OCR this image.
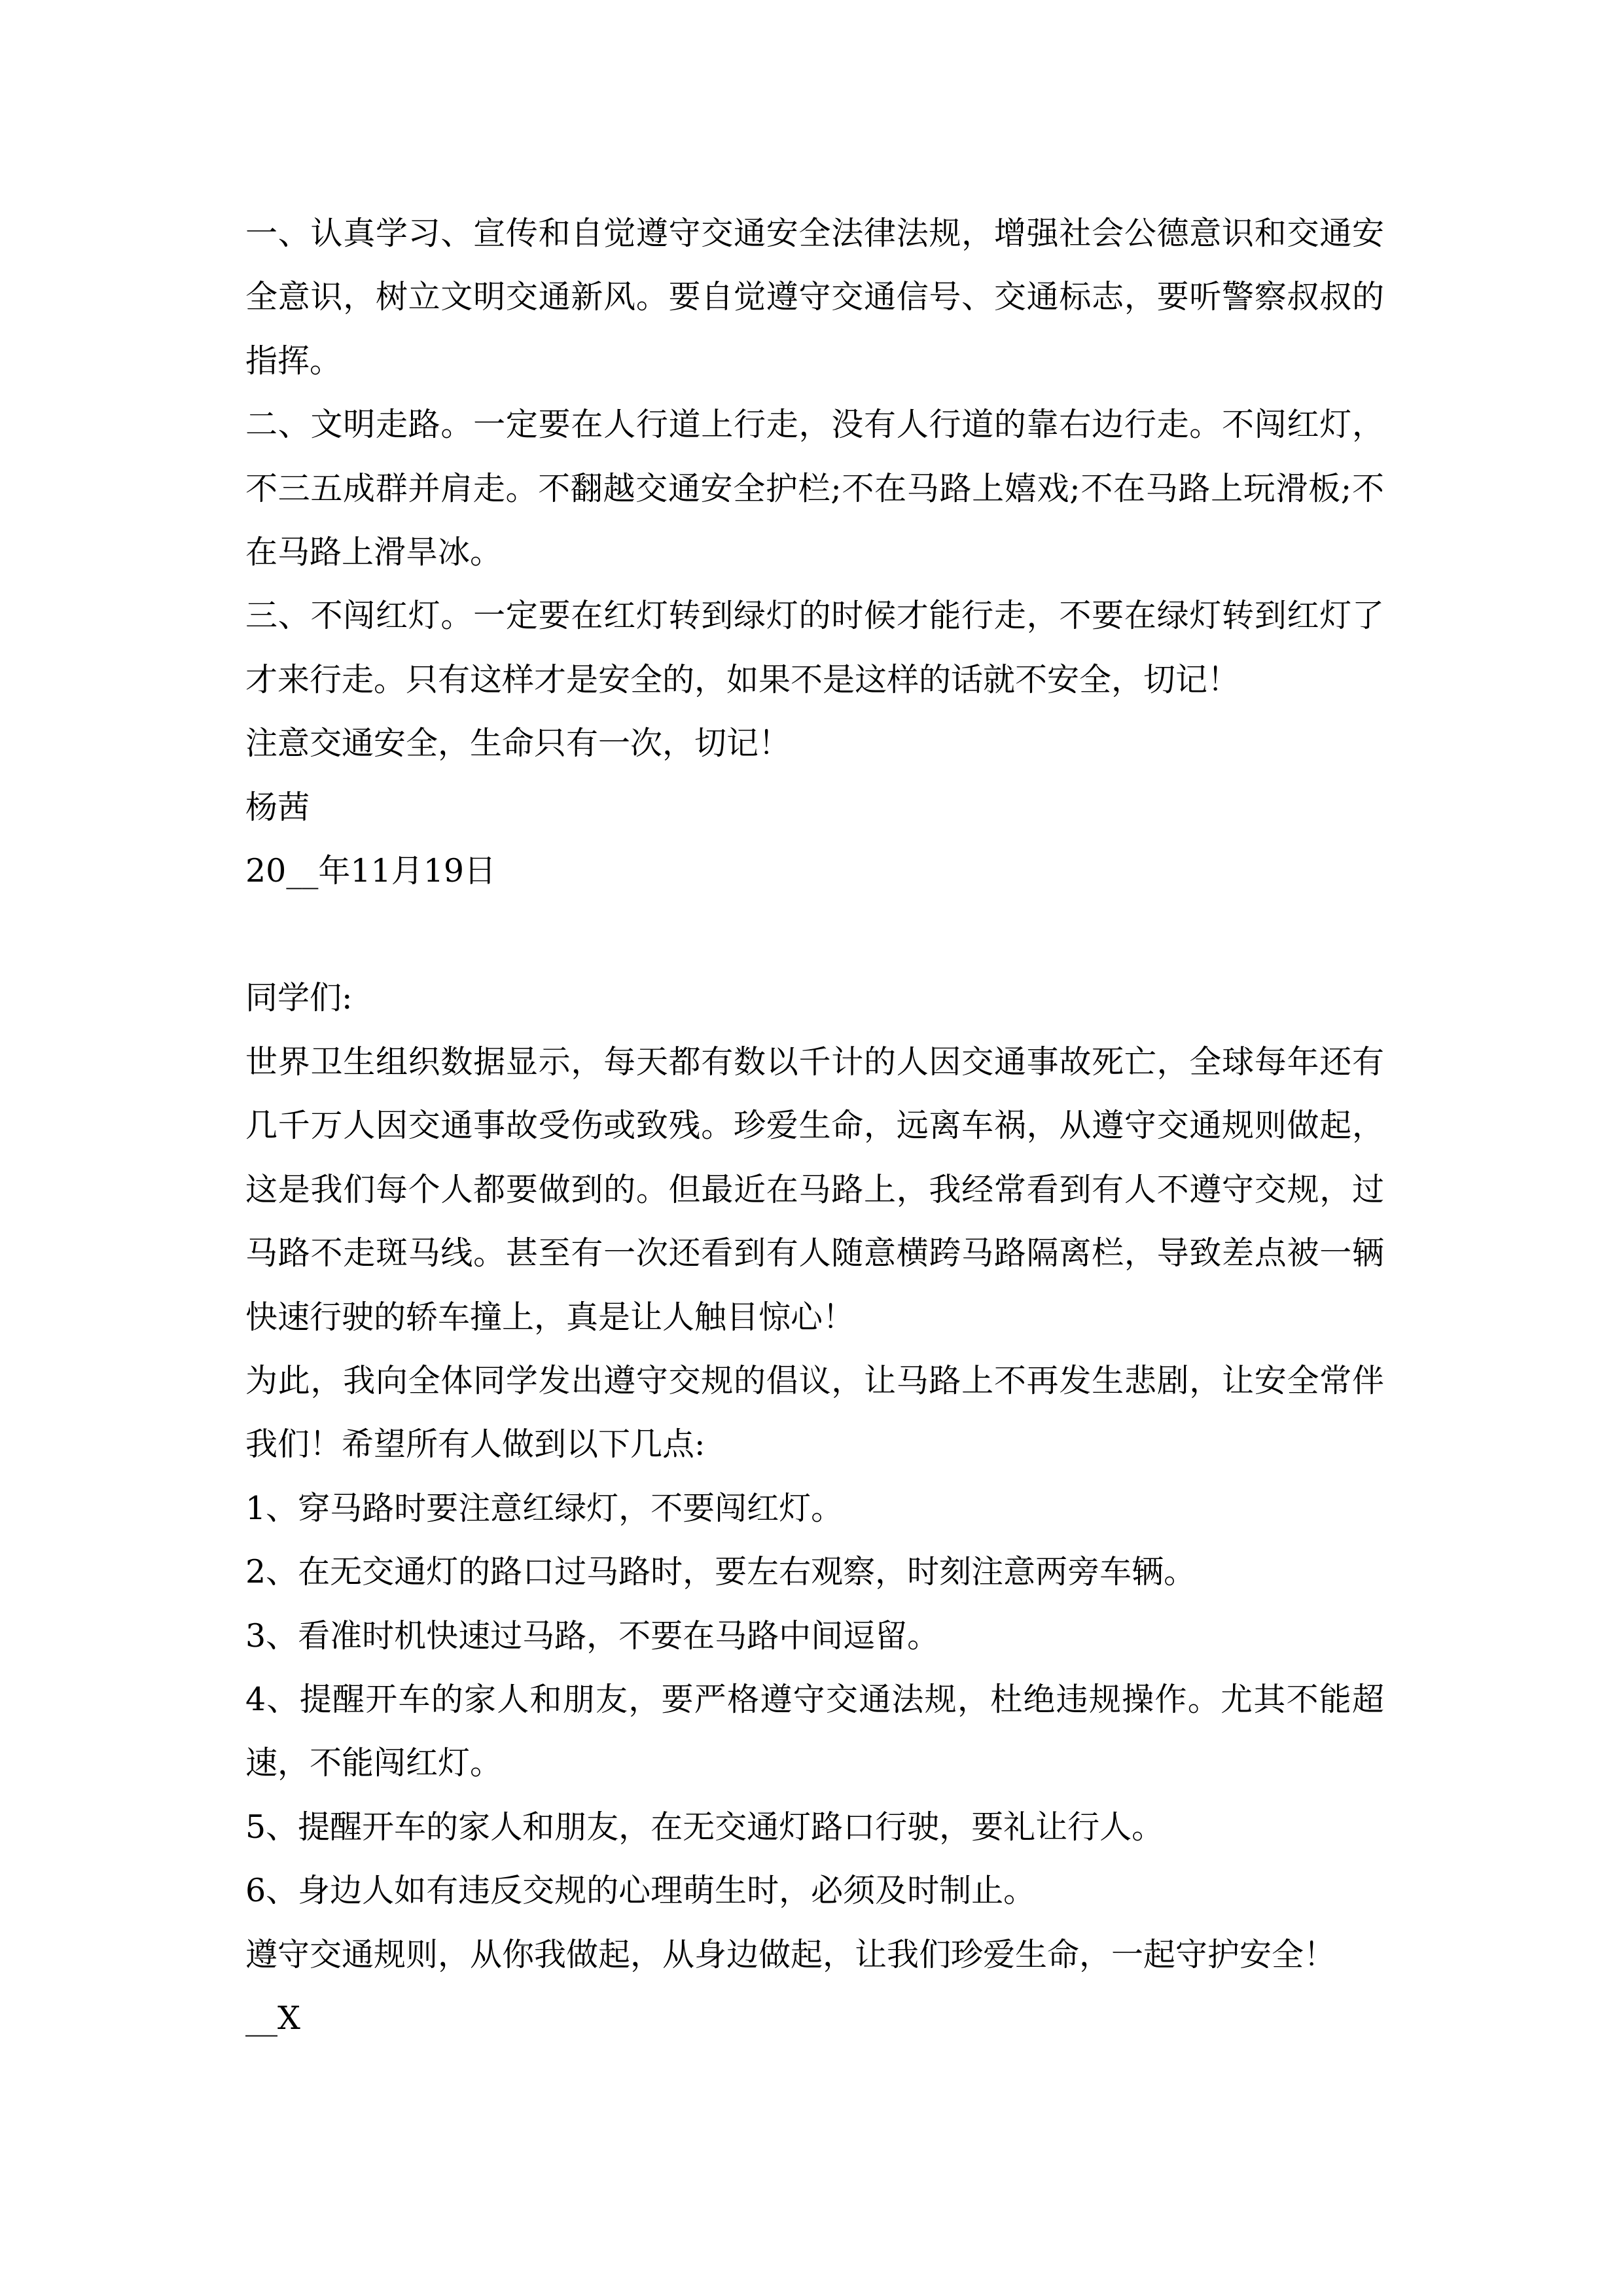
一、认真学习、宣传和自觉遵守交通安全法律法规，增强社会公德意识和交通安全意识，树立文明交通新风。要自觉遵守交通信号、交通标志，要听警察叔叔的指挥。

二、文明走路。一定要在人行道上行走，没有人行道的靠右边行走。不闯红灯，不三五成群并肩走。不翻越交通安全护栏;不在马路上嬉戏;不在马路上玩滑板;不在马路上滑旱冰。

三、不闯红灯。一定要在红灯转到绿灯的时候才能行走，不要在绿灯转到红灯了才来行走。只有这样才是安全的，如果不是这样的话就不安全，切记！

注意交通安全，生命只有一次，切记！

杨茜

20__年11月19日

同学们:

世界卫生组织数据显示，每天都有数以千计的人因交通事故死亡，全球每年还有几千万人因交通事故受伤或致残。珍爱生命，远离车祸，从遵守交通规则做起，这是我们每个人都要做到的。但最近在马路上，我经常看到有人不遵守交规，过马路不走斑马线。甚至有一次还看到有人随意横跨马路隔离栏，导致差点被一辆快速行驶的轿车撞上，真是让人触目惊心！

为此，我向全体同学发出遵守交规的倡议，让马路上不再发生悲剧，让安全常伴我们！希望所有人做到以下几点:

1、穿马路时要注意红绿灯，不要闯红灯。

2、在无交通灯的路口过马路时，要左右观察，时刻注意两旁车辆。

3、看准时机快速过马路，不要在马路中间逗留。

4、提醒开车的家人和朋友，要严格遵守交通法规，杜绝违规操作。尤其不能超速，不能闯红灯。

5、提醒开车的家人和朋友，在无交通灯路口行驶，要礼让行人。

6、身边人如有违反交规的心理萌生时，必须及时制止。

遵守交通规则，从你我做起，从身边做起，让我们珍爱生命，一起守护安全！

__X
